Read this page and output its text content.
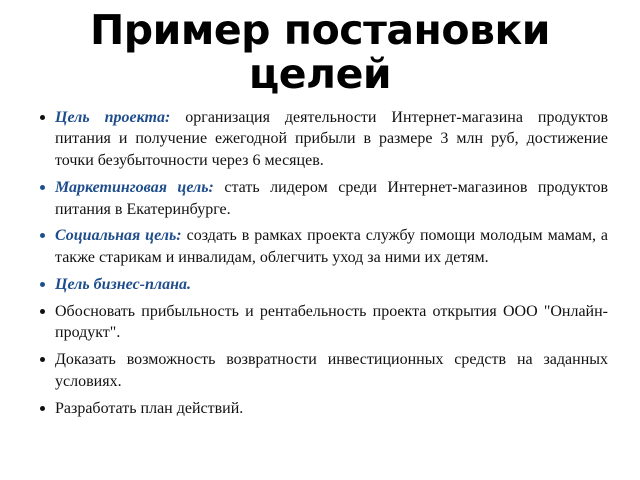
Пример постановки
целей
Цель проекта: организация деятельности Интернет-магазина продуктов питания и получение ежегодной прибыли в размере 3 млн руб, достижение точки безубыточности через 6 месяцев.
Маркетинговая цель: стать лидером среди Интернет-магазинов продуктов питания в Екатеринбурге.
Социальная цель: создать в рамках проекта службу помощи молодым мамам, а также старикам и инвалидам, облегчить уход за ними их детям.
Цель бизнес-плана.
Обосновать прибыльность и рентабельность проекта открытия ООО "Онлайн-продукт".
Доказать возможность возвратности инвестиционных средств на заданных условиях.
Разработать план действий.
